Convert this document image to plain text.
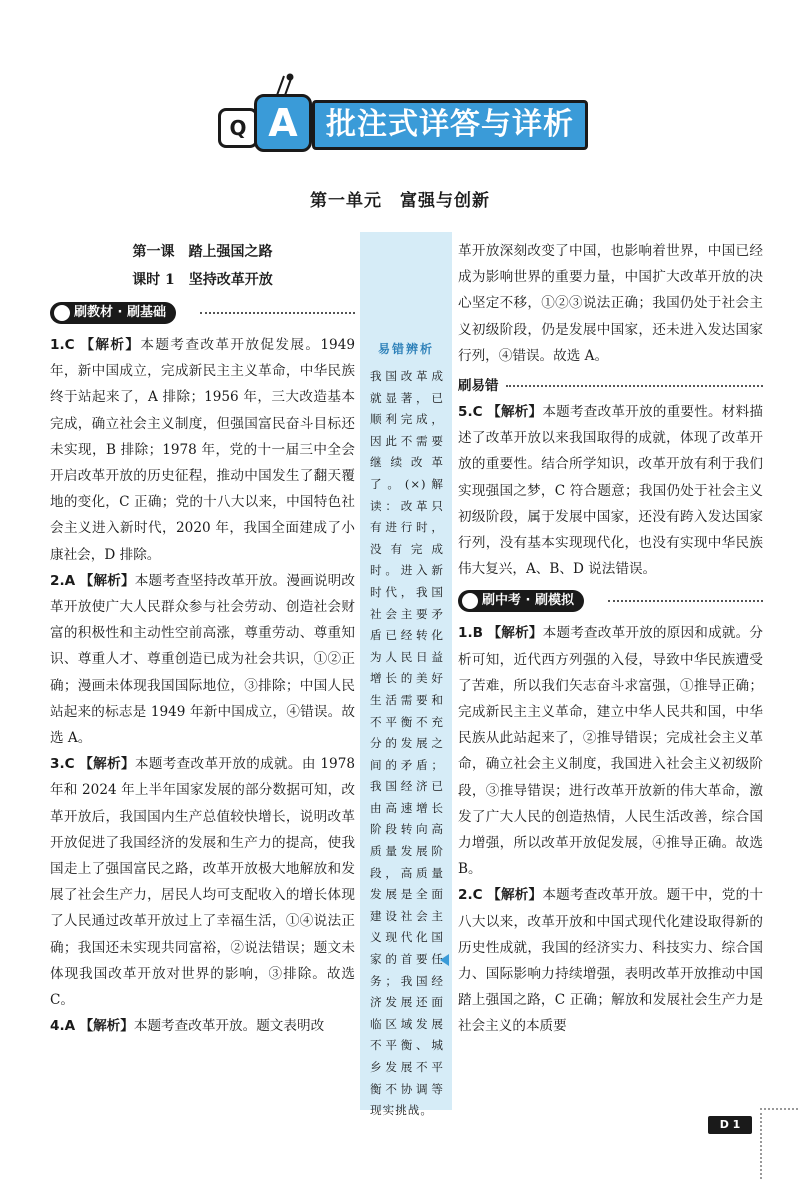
Q A 批注式详答与详析
第一单元　富强与创新
第一课　踏上强国之路
课时 1　坚持改革开放
刷教材 · 刷基础
1.C 【解析】本题考查改革开放促发展。1949年，新中国成立，完成新民主主义革命，中华民族终于站起来了，A 排除；1956 年，三大改造基本完成，确立社会主义制度，但强国富民奋斗目标还未实现，B 排除；1978 年，党的十一届三中全会开启改革开放的历史征程，推动中国发生了翻天覆地的变化，C 正确；党的十八大以来，中国特色社会主义进入新时代，2020 年，我国全面建成了小康社会，D 排除。
2.A 【解析】本题考查坚持改革开放。漫画说明改革开放使广大人民群众参与社会劳动、创造社会财富的积极性和主动性空前高涨，尊重劳动、尊重知识、尊重人才、尊重创造已成为社会共识，①②正确；漫画未体现我国国际地位，③排除；中国人民站起来的标志是 1949 年新中国成立，④错误。故选 A。
3.C 【解析】本题考查改革开放的成就。由 1978 年和 2024 年上半年国家发展的部分数据可知，改革开放后，我国国内生产总值较快增长，说明改革开放促进了我国经济的发展和生产力的提高，使我国走上了强国富民之路，改革开放极大地解放和发展了社会生产力，居民人均可支配收入的增长体现了人民通过改革开放过上了幸福生活，①④说法正确；我国还未实现共同富裕，②说法错误；题文未体现我国改革开放对世界的影响，③排除。故选 C。
4.A 【解析】本题考查改革开放。题文表明改
易错辨析
我国改革成就显著，已顺利完成，因此不需要继续改革了。(×)解读：改革只有进行时，没有完成时。进入新时代，我国社会主要矛盾已经转化为人民日益增长的美好生活需要和不平衡不充分的发展之间的矛盾；我国经济已由高速增长阶段转向高质量发展阶段，高质量发展是全面建设社会主义现代化国家的首要任务；我国经济发展还面临区域发展不平衡、城乡发展不平衡不协调等现实挑战。
革开放深刻改变了中国，也影响着世界，中国已经成为影响世界的重要力量，中国扩大改革开放的决心坚定不移，①②③说法正确；我国仍处于社会主义初级阶段，仍是发展中国家，还未进入发达国家行列，④错误。故选 A。
刷易错
5.C 【解析】本题考查改革开放的重要性。材料描述了改革开放以来我国取得的成就，体现了改革开放的重要性。结合所学知识，改革开放有利于我们实现强国之梦，C 符合题意；我国仍处于社会主义初级阶段，属于发展中国家，还没有跨入发达国家行列，没有基本实现现代化，也没有实现中华民族伟大复兴，A、B、D 说法错误。
刷中考 · 刷模拟
1.B 【解析】本题考查改革开放的原因和成就。分析可知，近代西方列强的入侵，导致中华民族遭受了苦难，所以我们矢志奋斗求富强，①推导正确；完成新民主主义革命，建立中华人民共和国，中华民族从此站起来了，②推导错误；完成社会主义革命，确立社会主义制度，我国进入社会主义初级阶段，③推导错误；进行改革开放新的伟大革命，激发了广大人民的创造热情，人民生活改善，综合国力增强，所以改革开放促发展，④推导正确。故选 B。
2.C 【解析】本题考查改革开放。题干中，党的十八大以来，改革开放和中国式现代化建设取得新的历史性成就，我国的经济实力、科技实力、综合国力、国际影响力持续增强，表明改革开放推动中国踏上强国之路，C 正确；解放和发展社会生产力是社会主义的本质要
D 1
